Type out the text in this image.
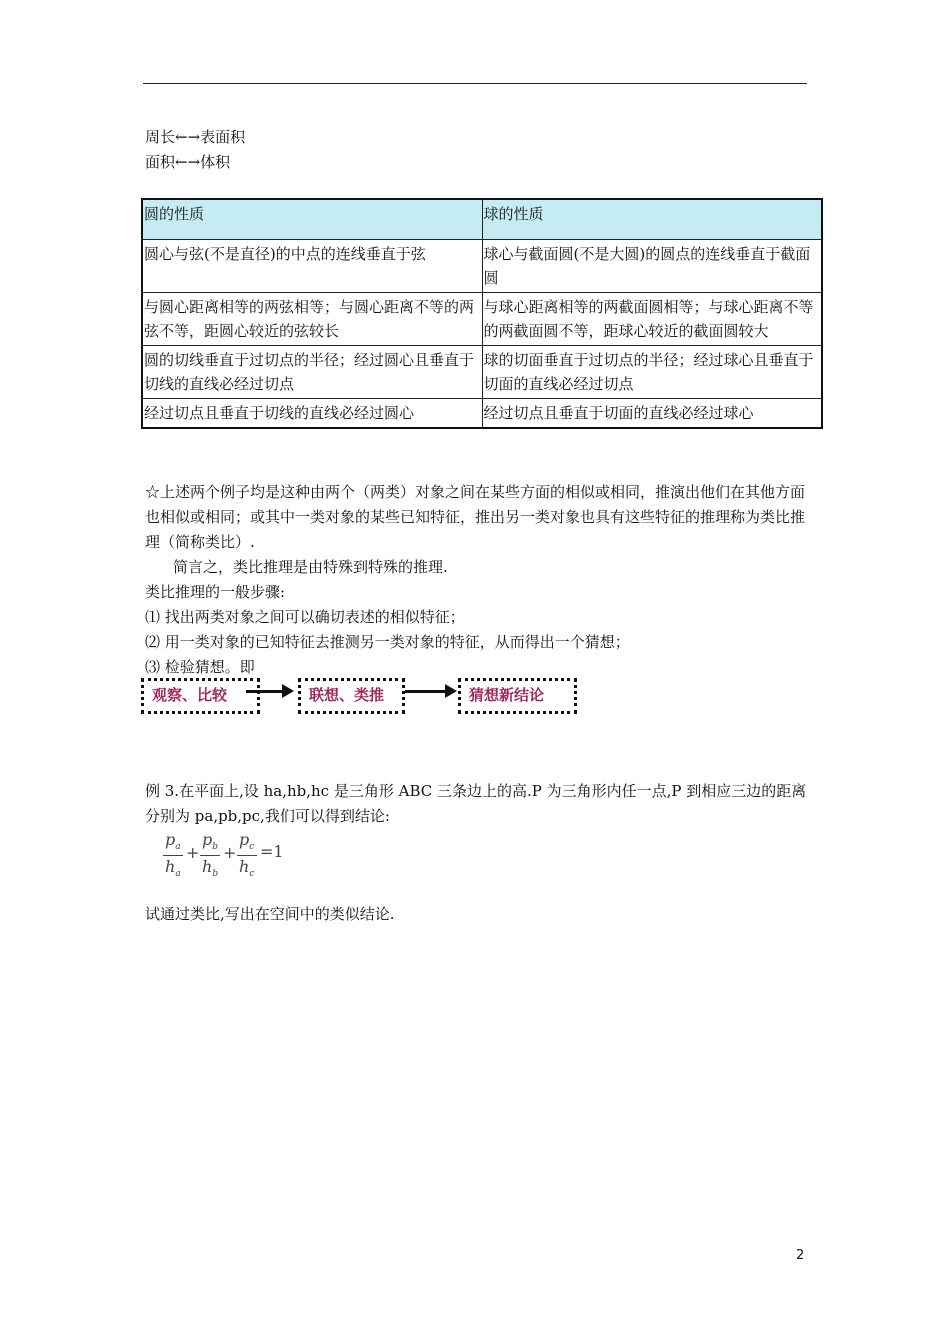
周长←→表面积
面积←→体积
圆的性质	球的性质
圆心与弦(不是直径)的中点的连线垂直于弦	球心与截面圆(不是大圆)的圆点的连线垂直于截面圆
与圆心距离相等的两弦相等；与圆心距离不等的两弦不等，距圆心较近的弦较长	与球心距离相等的两截面圆相等；与球心距离不等的两截面圆不等，距球心较近的截面圆较大
圆的切线垂直于过切点的半径；经过圆心且垂直于切线的直线必经过切点	球的切面垂直于过切点的半径；经过球心且垂直于切面的直线必经过切点
经过切点且垂直于切线的直线必经过圆心	经过切点且垂直于切面的直线必经过球心
☆上述两个例子均是这种由两个（两类）对象之间在某些方面的相似或相同，推演出他们在其他方面也相似或相同；或其中一类对象的某些已知特征，推出另一类对象也具有这些特征的推理称为类比推理（简称类比）.
简言之，类比推理是由特殊到特殊的推理.
类比推理的一般步骤:
⑴ 找出两类对象之间可以确切表述的相似特征；
⑵ 用一类对象的已知特征去推测另一类对象的特征，从而得出一个猜想；
⑶ 检验猜想。即
观察、比较	联想、类推	猜想新结论
例 3.在平面上,设 ha,hb,hc 是三角形 ABC 三条边上的高.P 为三角形内任一点,P 到相应三边的距离分别为 pa,pb,pc,我们可以得到结论:
$p_a$
$h_a$
+
$p_b$
$h_b$
+
$p_c$
$h_c$
=1
试通过类比,写出在空间中的类似结论.
2
